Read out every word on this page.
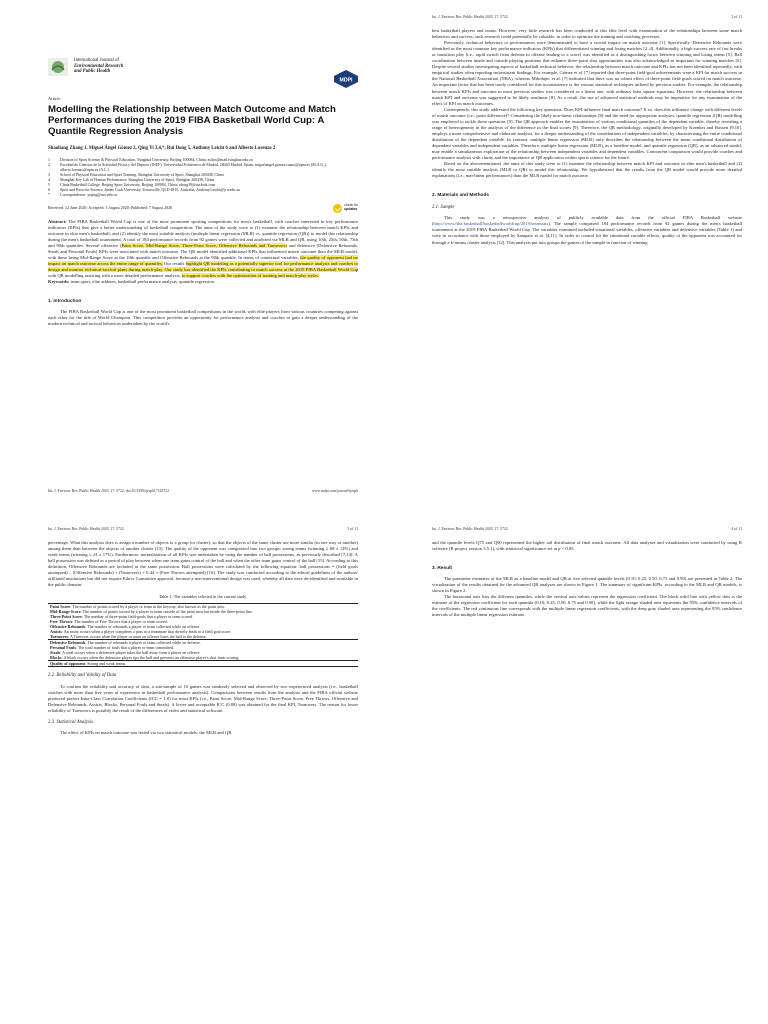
International Journal of
Environmental Research
and Public Health
MDPI
Article
Modelling the Relationship between Match Outcome and Match Performances during the 2019 FIBA Basketball World Cup: A Quantile Regression Analysis
Shaoliang Zhang 1, Miguel Ángel Gómez 2, Qing Yi 3,4,*, Rui Dong 5, Anthony Leicht 6 and Alberto Lorenzo 2
1	Division of Sport Science & Physical Education, Tsinghua University, Beijing 100084, China; zslinx@mail.tsinghua.edu.cn
2	Facultad de Ciencias de la Actividad Física y del Deporte (INEF), Universidad Politécnica de Madrid, 28040 Madrid, Spain; miguelangel.gomez.ruano@upm.es (M.Á.G.); alberto.lorenzo@upm.es (A.L.)
3	School of Physical Education and Sport Training, Shanghai University of Sport, Shanghai 200438, China
4	Shanghai Key Lab of Human Performance, Shanghai University of Sport, Shanghai 200438, China
5	China Basketball College, Beijing Sport University, Beijing 100084, China; rdong39@outlook.com
6	Sport and Exercise Science, James Cook University, Townsville, QLD 4810, Australia; Anthony.Leicht@jcu.edu.au
*	Correspondence: yiqing@sus.edu.cn
Received: 12 June 2020; Accepted: 3 August 2020; Published: 7 August 2020	check for
updates

Abstract: The FIBA Basketball World Cup is one of the most prominent sporting competitions for men's basketball, with coaches interested in key performance indicators (KPIs) that give a better understanding of basketball competition. The aims of the study were to (1) examine the relationship between match KPIs and outcome in elite men's basketball; and (2) identify the most suitable analysis (multiple linear regression (MLR) vs. quantile regression (QR)) to model this relationship during the men's basketball tournament. A total of 184 performance records from 92 games were collected and analyzed via MLR and QR, using 10th, 25th, 50th, 75th and 90th quantiles. Several offensive (Paint Score, Mid-Range Score, Three-Point Score, Offensive Rebounds and Turnovers) and defensive (Defensive Rebounds, Steals and Personal Fouls) KPIs were associated with match outcome. The QR model identified additional KPIs that influenced match outcome than the MLR model, with these being Mid-Range Score at the 10th quantile and Offensive Rebounds at the 90th quantile. In terms of contextual variables, the quality of opponent had no impact on match outcome across the entire range of quantiles. Our results highlight QR modeling as a potentially superior tool for performance analysts and coaches to design and monitor technical-tactical plans during match-play. Our study has identified the KPIs contributing to match success at the 2019 FIBA Basketball World Cup with QR modelling assisting with a more detailed performance analysis, to support coaches with the optimization of training and match-play styles.

Keywords: team sport; elite athletes; basketball performance analysis; quantile regression

1. Introduction

The FIBA Basketball World Cup is one of the most prominent basketball competitions in the world, with elite players from various countries competing against each other for the title of World Champion. This competition provides an opportunity for performance analysts and coaches to gain a deeper understanding of the modern technical and tactical behaviors undertaken by the world's

Int. J. Environ. Res. Public Health 2020, 17, 5722; doi:10.3390/ijerph17165722	www.mdpi.com/journal/ijerph
Int. J. Environ. Res. Public Health 2020, 17, 5722	2 of 11

best basketball players and teams. However, very little research has been conducted at this elite level with examination of the relationships between some match behaviors and success; such research could potentially be valuable, in order to optimize the training and coaching processes.

Previously, technical behaviors or performances were demonstrated to have a crucial impact on match outcome [1]. Specifically, Defensive Rebounds were identified as the most common key performance indicators (KPIs) that differentiated winning and losing matches [2–4]. Additionally, a high success rate of fast breaks or transition play (i.e., rapid switch from defense to offense leading to a score) was identified as a distinguishing factor between winning and losing teams [5]. Ball coordination between inside and outside playing positions that enhance three-point shot opportunities was also acknowledged as important for winning matches [6]. Despite several studies investigating aspects of basketball technical behavior, the relationship between match outcome and KPIs has not been identified repeatedly, with empirical studies often reporting inconsistent findings. For example, Gómez et al. [7] reported that three-point field-goal achievements were a KPI for match success in the National Basketball Association (NBA), whereas Mikołajec et al. [7] indicated that there was no robust effect of three-point field-goals scored on match outcome. An important factor that has been rarely considered for this inconsistency is the various statistical techniques utilized by previous studies. For example, the relationship between match KPIs and outcome in most previous studies was considered as a linear one, with ordinary least square equations. However, the relationship between match KPI and outcome was suggested to be likely nonlinear [8]. As a result, the use of advanced statistical methods may be imperative for any examination of the effect of KPI on match outcomes.

Consequently, this study addressed the following key questions: Does KPI influence final match outcome? If so, does this influence change with different levels of match outcome (i.e., point difference)? Considering the likely non-linear relationships [8] and the need for appropriate analyses, quantile regression (QR) modelling was employed to tackle these questions [9]. The QR approach enables the examination of various conditional quantiles of the dependent variable, thereby revealing a range of heterogeneity in the analysis of the difference in the final scores [9]. Therefore, the QR methodology, originally developed by Koenker and Bassett [9,10], employs a more comprehensive and elaborate analysis, for a deeper understanding of the contributions of independent variables, by characterizing the entire conditional distribution of the dependent variable. In contrast, multiple linear regression (MLR) only describes the relationship between the mean conditional distribution of dependent variables and independent variables. Therefore, multiple linear regression (MLR), as a baseline model, and quantile regression (QR), as an advanced model, may enable a simultaneous exploration of the relationship between independent variables and dependent variables. Concurrent comparison would provide coaches and performance analysts with clarity and the importance of QR application within sports science for the future.

Based on the abovementioned, the aims of this study were to (1) examine the relationship between match KPI and outcome in elite men's basketball and (2) identify the most suitable analysis (MLR or QR) to model this relationship. We hypothesized that the results from the QR model would provide more detailed explanations (i.e., non-linear performances) than the MLR model for match outcome.

2. Materials and Methods
2.1. Sample

This study was a retrospective analysis of publicly available data from the official FIBA Basketball website (http://www.fiba.basketball/basketballworldcup/2019/teamstats). The sample comprised 184 performance records from 92 games during the men's basketball tournament at the 2019 FIBA Basketball World Cup. The variables examined included situational variables, offensive variables and defensive variables (Table 1) and were in accordance with those employed by Sampaio et al. [4,11]. In order to control for the situational variable effects, quality of the opponent was accounted for through a k-means cluster analysis [12]. This analysis put into groups the games of the sample in function of winning

Int. J. Environ. Res. Public Health 2020, 17, 5722	3 of 11

percentage. What this analysis does is assign a number of objects to a group (or cluster), so that the objects of the same cluster are more similar (in one way or another) among them than between the objects of another cluster [13]. The quality of the opponent was categorized into two groups: strong teams (winning ≥ 68 ± 14%) and weak teams (winning ≤ 24 ± 17%). Furthermore, normalization of all KPIs was undertaken by using the number of ball possessions, as previously described [7,14]. A ball possession was defined as a period of play between when one team gains control of the ball and when the other team gains control of the ball [15]. According to this definition, Offensive Rebounds are included in the same possession. Ball possessions were calculated by the following equation: ball possessions = (field goals attempted) – (Offensive Rebounds) + (Turnovers) + 0.44 × (Free Throws attempted) [16]. The study was conducted according to the ethical guidelines of the authors' affiliated institutions but did not require Ethics Committee approval, because a non-interventional design was used, whereby all data were de-identified and available in the public domain.

Table 1. The variables selected in the current study.
Paint Score: The number of points scored by a player or team in the keyway, also known as the paint area.
Mid-Range Score: The number of points scored by a player or team outside of the paint area but inside the three-point line.
Three-Point Score: The number of three-point field-goals that a player or team scored.
Free Throws: The number of Free Throws that a player or team scored.
Offensive Rebounds: The number of rebounds a player or team collected while on offence.
Assists: An assist occurs when a player completes a pass to a teammate that directly leads to a field goal score.
Turnovers: A Turnover occurs when the player or team on offence loses the ball to the defense.
Defensive Rebounds: The number of rebounds a player or team collected while on defense.
Personal Fouls: The total number of fouls that a player or team committed.
Steals: A steal occurs when a defensive player takes the ball away from a player on offence.
Blocks: A block occurs when the defensive player tips the ball and prevents an offensive player's shot from scoring.
Quality of opponent: Strong and weak teams.
2.2. Reliability and Validity of Data

To confirm the reliability and accuracy of data, a sub-sample of 10 games was randomly selected and observed by two experienced analysts (i.e., basketball coaches with more than five years of experience in basketball performance analysis). Comparisons between results from the analysts and the FIBA official website produced perfect Intra-Class Correlation Coefficients (ICC = 1.0) for most KPIs (i.e., Paint Score, Mid-Range Score, Three-Point Score, Free Throws, Offensive and Defensive Rebounds, Assists, Blocks, Personal Fouls and Steals). A lower and acceptable ICC (0.88) was obtained for the final KPI, Turnovers. The reason for lower reliability of Turnovers is possibly the result of the differences of video and statistical software.

2.3. Statistical Analysis

The effect of KPIs on match outcome was tested via two statistical models: the MLR and QR

Int. J. Environ. Res. Public Health 2020, 17, 5722	4 of 11

and the quantile levels Q75 and Q90 represented the higher tail distribution of final match outcome. All data analyses and visualization were conducted by using R software (R project version 3.5.1), with statistical significance set at p < 0.05.

3. Result

The parameter estimates of the MLR as a baseline model and QR at five selected quantile levels (0.10, 0.25, 0.50, 0.75 and 0.90) are presented in Table 2. The visualization of the results obtained for the advanced QR analyses are shown in Figure 1. The summary of significant KPIs, according to the MLR and QR models, is shown in Figure 2.

The horizontal axis lists the different quantiles, while the vertical axis values represent the regression coefficient. The black solid line with yellow dots is the estimate of the regression coefficient for each quantile (0.10, 0.25, 0.50, 0.75 and 0.90), while the light orange shaded area represents the 95% confidence intervals of the coefficients. The red continuous line corresponds with the multiple linear regression coefficients, with the deep gray shaded area representing the 95% confidence intervals of the multiple linear regression estimate.
